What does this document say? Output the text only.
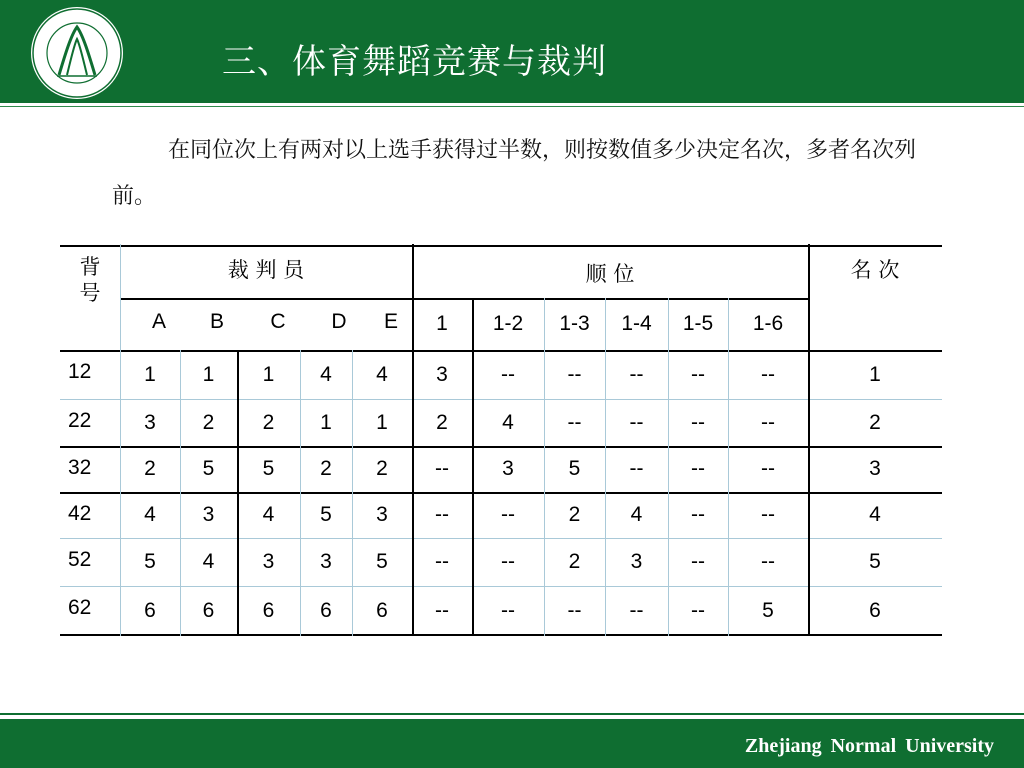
三、体育舞蹈竞赛与裁判
在同位次上有两对以上选手获得过半数，则按数值多少决定名次，多者名次列前。
背号
裁 判 员	顺 位	名 次
A	B	C	D	E	1	1-2	1-3	1-4	1-5	1-6
12	1	1	1	4	4	3	--	--	--	--	--	1
22	3	2	2	1	1	2	4	--	--	--	--	2
32	2	5	5	2	2	--	3	5	--	--	--	3
42	4	3	4	5	3	--	--	2	4	--	--	4
52	5	4	3	3	5	--	--	2	3	--	--	5
62	6	6	6	6	6	--	--	--	--	--	5	6
Zhejiang Normal University
